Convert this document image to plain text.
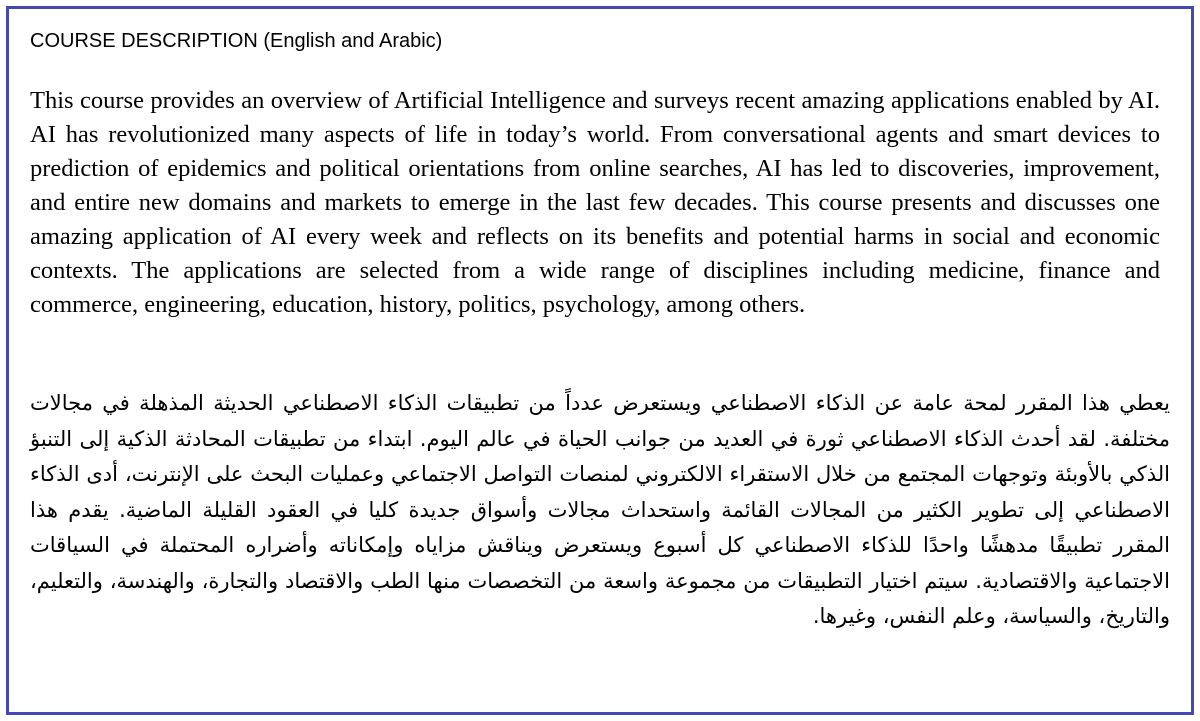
COURSE DESCRIPTION (English and Arabic)

This course provides an overview of Artificial Intelligence and surveys recent amazing applications enabled by AI. AI has revolutionized many aspects of life in today’s world. From conversational agents and smart devices to prediction of epidemics and political orientations from online searches, AI has led to discoveries, improvement, and entire new domains and markets to emerge in the last few decades. This course presents and discusses one amazing application of AI every week and reflects on its benefits and potential harms in social and economic contexts. The applications are selected from a wide range of disciplines including medicine, finance and commerce, engineering, education, history, politics, psychology, among others.

يعطي هذا المقرر لمحة عامة عن الذكاء الاصطناعي ويستعرض عدداً من تطبيقات الذكاء الاصطناعي الحديثة المذهلة في مجالات مختلفة. لقد أحدث الذكاء الاصطناعي ثورة في العديد من جوانب الحياة في عالم اليوم. ابتداء من تطبيقات المحادثة الذكية إلى التنبؤ الذكي بالأوبئة وتوجهات المجتمع من خلال الاستقراء الالكتروني لمنصات التواصل الاجتماعي وعمليات البحث على الإنترنت، أدى الذكاء الاصطناعي إلى تطوير الكثير من المجالات القائمة واستحداث مجالات وأسواق جديدة كليا في العقود القليلة الماضية. يقدم هذا المقرر تطبيقًا مدهشًا واحدًا للذكاء الاصطناعي كل أسبوع ويستعرض ويناقش مزاياه وإمكاناته وأضراره المحتملة في السياقات الاجتماعية والاقتصادية. سيتم اختيار التطبيقات من مجموعة واسعة من التخصصات منها الطب والاقتصاد والتجارة، والهندسة، والتعليم، والتاريخ، والسياسة، وعلم النفس، وغيرها.
